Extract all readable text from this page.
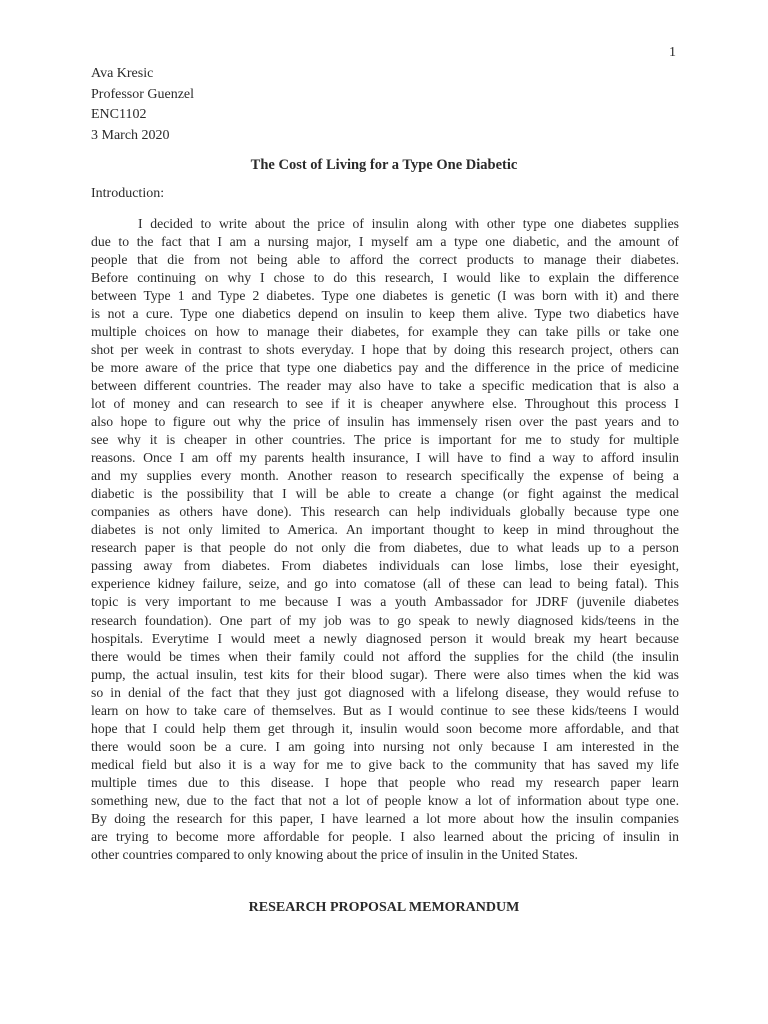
1
Ava Kresic
Professor Guenzel
ENC1102
3 March 2020
The Cost of Living for a Type One Diabetic
Introduction:
I decided to write about the price of insulin along with other type one diabetes supplies
due to the fact that I am a nursing major, I myself am a type one diabetic, and the amount of
people that die from not being able to afford the correct products to manage their diabetes.
Before continuing on why I chose to do this research, I would like to explain the difference
between Type 1 and Type 2 diabetes. Type one diabetes is genetic (I was born with it) and there
is not a cure. Type one diabetics depend on insulin to keep them alive. Type two diabetics have
multiple choices on how to manage their diabetes, for example they can take pills or take one
shot per week in contrast to shots everyday. I hope that by doing this research project, others can
be more aware of the price that type one diabetics pay and the difference in the price of medicine
between different countries. The reader may also have to take a specific medication that is also a
lot of money and can research to see if it is cheaper anywhere else. Throughout this process I
also hope to figure out why the price of insulin has immensely risen over the past years and to
see why it is cheaper in other countries. The price is important for me to study for multiple
reasons. Once I am off my parents health insurance, I will have to find a way to afford insulin
and my supplies every month. Another reason to research specifically the expense of being a
diabetic is the possibility that I will be able to create a change (or fight against the medical
companies as others have done). This research can help individuals globally because type one
diabetes is not only limited to America. An important thought to keep in mind throughout the
research paper is that people do not only die from diabetes, due to what leads up to a person
passing away from diabetes. From diabetes individuals can lose limbs, lose their eyesight,
experience kidney failure, seize, and go into comatose (all of these can lead to being fatal). This
topic is very important to me because I was a youth Ambassador for JDRF (juvenile diabetes
research foundation). One part of my job was to go speak to newly diagnosed kids/teens in the
hospitals. Everytime I would meet a newly diagnosed person it would break my heart because
there would be times when their family could not afford the supplies for the child (the insulin
pump, the actual insulin, test kits for their blood sugar). There were also times when the kid was
so in denial of the fact that they just got diagnosed with a lifelong disease, they would refuse to
learn on how to take care of themselves. But as I would continue to see these kids/teens I would
hope that I could help them get through it, insulin would soon become more affordable, and that
there would soon be a cure. I am going into nursing not only because I am interested in the
medical field but also it is a way for me to give back to the community that has saved my life
multiple times due to this disease. I hope that people who read my research paper learn
something new, due to the fact that not a lot of people know a lot of information about type one.
By doing the research for this paper, I have learned a lot more about how the insulin companies
are trying to become more affordable for people. I also learned about the pricing of insulin in
other countries compared to only knowing about the price of insulin in the United States.
RESEARCH PROPOSAL MEMORANDUM
